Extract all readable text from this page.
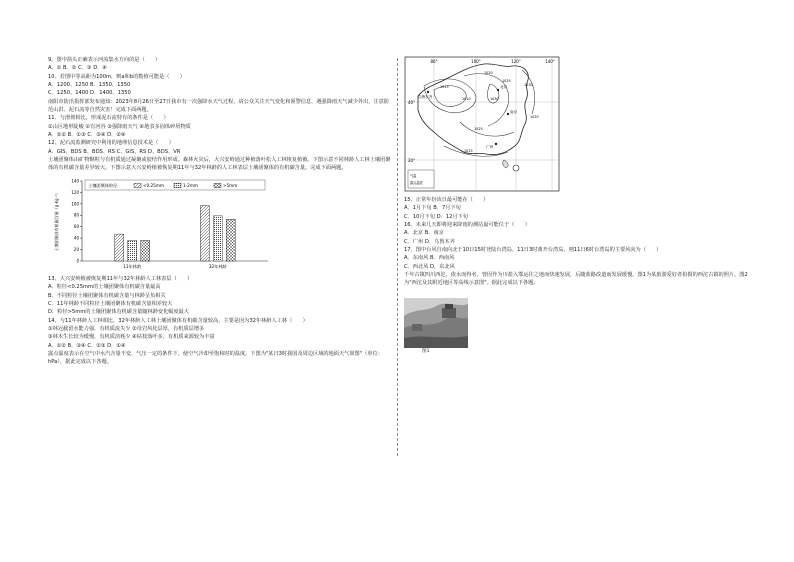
9、图中箭头正确表示河流集水方向的是（　　）
A．① B．② C．③ D．④
10、若图中等高距为100m，则a和b的数值可能是（　　）
A．1200、1250 B．1350、1350
C．1250、1400 D．1400、1350
南阳市防汛指挥部发布通知：2023年8月26日至27日我市有一次强降水天气过程。请公众关注天气变化和预警信息，遇强降雨天气减少外出，注意防范山洪、泥石流等自然灾害！完成下面两题。
11、与滑坡相比，形成泥石流特有的条件是（　　）
①山区地形陡峻 ②有河谷 ③强降雨天气 ④地表多固体碎屑物质
A．①② B．①③ C．③④ D．②④
12、泥石流监测研究中利用的地理信息技术是（　　）
A．GIS、BDS B、BDS、RS C、GIS、RS D、BDS、VR
土壤团聚体由矿物颗粒与有机质通过凝聚或胶结作用形成。森林火灾后，大兴安岭通过种植落叶松人工林恢复植被。下图示意不同林龄人工林土壤团聚体的有机碳含量差异较大。下图示意大兴安岭植被恢复期11年与32年林龄的人工林表层土壤团聚体的有机碳含量。完成下面两题。
0
20
40
60
80
100
120
140
土壤团聚体有机碳含量（g·kg⁻¹）
11年林龄	32年林龄
土壤团聚体粒径	<0.25mm	1-2mm	>5mm
13、大兴安岭植被恢复期11年与32年林龄人工林表层（　　）
A．粒径<0.25mm的土壤团聚体有机碳含量最高
B．不同粒径土壤团聚体有机碳含量与林龄呈负相关
C．11年林龄不同粒径土壤团聚体有机碳含量相差较大
D．粒径>5mm的土壤团聚体有机碳含量随林龄变化幅度最大
14、与11年林龄人工林相比，32年林龄人工林土壤团聚体有机碳含量较高，主要是因为32年林龄人工林（　　）
①林冠截留水能力强，有机质流失少 ②母岩风化层厚，有机质层增多
③林木生长较为缓慢，有机质消耗少 ④枯枝落叶多，有机质来源较为丰富
A．①② B．③④ C．②③ D．①④
露点温度表示在空气中水汽含量不变、气压一定的条件下，使空气冷却至饱和时的温度。下图为"某日3时我国及周边区域的地面天气简图"（单位：hPa），据此完成以下各题。
80°	100°	120°	140°
40°
20°
1015
1010
1020
1025
1025
1030
1030
1025
1020
乌鲁木齐
北京
南京
广州
气温
露点温度
15、正常年份该日最可能在（　　）
A．1月下旬 B．7月下旬
C．10月下旬 D．12月下旬
16、未来几天即将迎来降雨的测站最可能位于（　　）
A．北京 B．南京
C．广州 D．乌鲁木齐
17、图中台风自南向北于10日15时登陆台湾岛，11日3时离开台湾岛，则11日6时台湾岛的主要风向为（　　）
A．东南风 B．西南风
C．西北风 D．东北风
千年古镇四川西沱，依水而得名。曾因作为川盐入鄂运往之地而快速发展，后随盐路改道而发展缓慢。图1为某旅游爱好者拍摄的西沱古镇的照片，图2为"西沱及其附近地区等高线示意图"。据此完成以下各题。
图1
